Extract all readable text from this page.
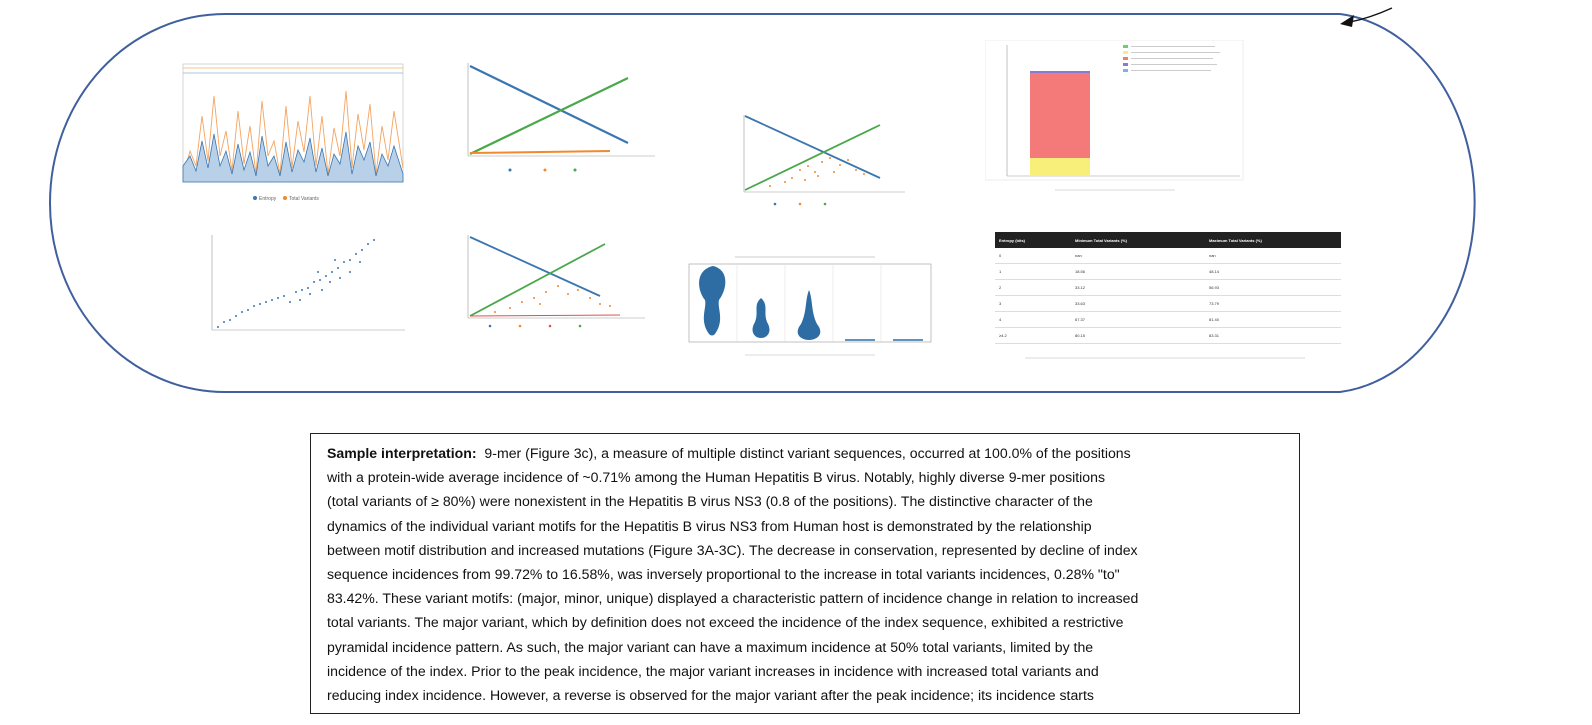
Entropy	Total Variants
Entropy (bits)	Minimum Total Variants (%)	Maximum Total Variants (%)
0	nan	nan
1	18.56	48.14
2	33.12	56.93
3	33.63	73.79
4	67.37	81.40
≥4.2	80.15	83.31

Sample interpretation: 9-mer (Figure 3c), a measure of multiple distinct variant sequences, occurred at 100.0% of the positions

with a protein-wide average incidence of ~0.71% among the Human Hepatitis B virus. Notably, highly diverse 9-mer positions

(total variants of ≥ 80%) were nonexistent in the Hepatitis B virus NS3 (0.8 of the positions). The distinctive character of the

dynamics of the individual variant motifs for the Hepatitis B virus NS3 from Human host is demonstrated by the relationship

between motif distribution and increased mutations (Figure 3A-3C). The decrease in conservation, represented by decline of index

sequence incidences from 99.72% to 16.58%, was inversely proportional to the increase in total variants incidences, 0.28% "to"

83.42%. These variant motifs: (major, minor, unique) displayed a characteristic pattern of incidence change in relation to increased

total variants. The major variant, which by definition does not exceed the incidence of the index sequence, exhibited a restrictive

pyramidal incidence pattern. As such, the major variant can have a maximum incidence at 50% total variants, limited by the

incidence of the index. Prior to the peak incidence, the major variant increases in incidence with increased total variants and

reducing index incidence. However, a reverse is observed for the major variant after the peak incidence; its incidence starts
